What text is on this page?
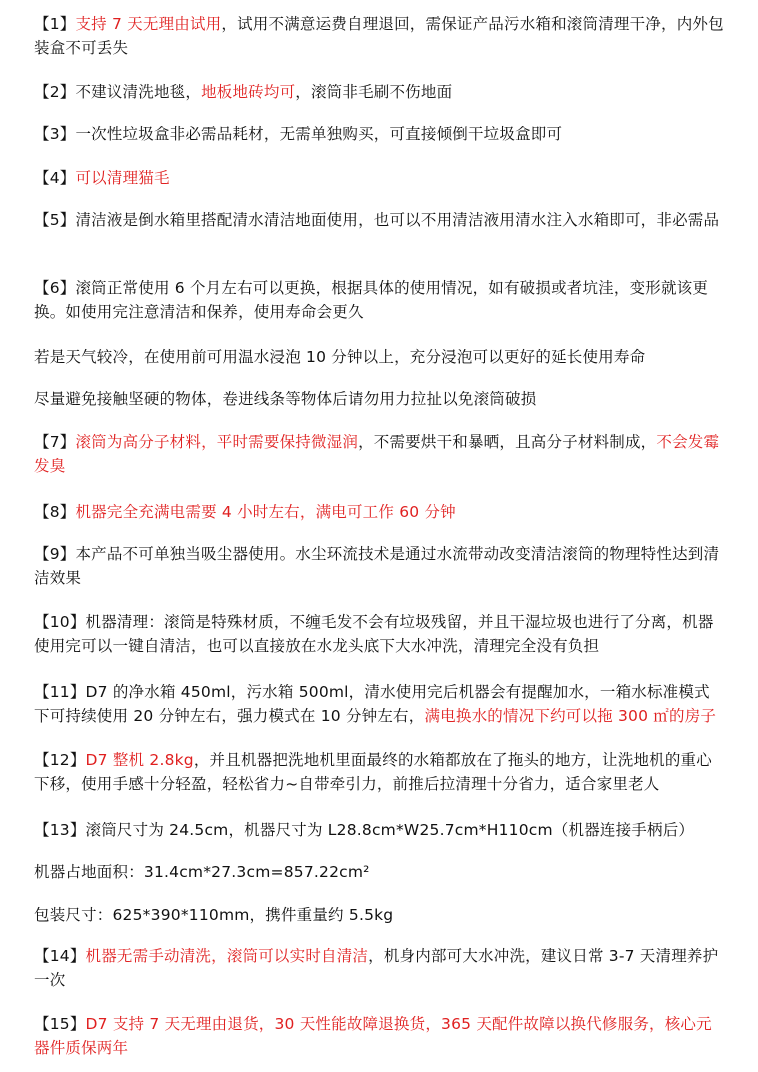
【1】支持 7 天无理由试用，试用不满意运费自理退回，需保证产品污水箱和滚筒清理干净，内外包装盒不可丢失
【2】不建议清洗地毯，地板地砖均可，滚筒非毛刷不伤地面
【3】一次性垃圾盒非必需品耗材，无需单独购买，可直接倾倒干垃圾盒即可
【4】可以清理猫毛
【5】清洁液是倒水箱里搭配清水清洁地面使用，也可以不用清洁液用清水注入水箱即可，非必需品
【6】滚筒正常使用 6 个月左右可以更换，根据具体的使用情况，如有破损或者坑洼，变形就该更换。如使用完注意清洁和保养，使用寿命会更久
若是天气较冷，在使用前可用温水浸泡 10 分钟以上，充分浸泡可以更好的延长使用寿命
尽量避免接触坚硬的物体，卷进线条等物体后请勿用力拉扯以免滚筒破损
【7】滚筒为高分子材料，平时需要保持微湿润，不需要烘干和暴晒，且高分子材料制成，不会发霉发臭
【8】机器完全充满电需要 4 小时左右，满电可工作 60 分钟
【9】本产品不可单独当吸尘器使用。水尘环流技术是通过水流带动改变清洁滚筒的物理特性达到清洁效果
【10】机器清理：滚筒是特殊材质，不缠毛发不会有垃圾残留，并且干湿垃圾也进行了分离，机器使用完可以一键自清洁，也可以直接放在水龙头底下大水冲洗，清理完全没有负担
【11】D7 的净水箱 450ml，污水箱 500ml，清水使用完后机器会有提醒加水，一箱水标准模式下可持续使用 20 分钟左右，强力模式在 10 分钟左右，满电换水的情况下约可以拖 300 ㎡的房子
【12】D7 整机 2.8kg，并且机器把洗地机里面最终的水箱都放在了拖头的地方，让洗地机的重心下移，使用手感十分轻盈，轻松省力~自带牵引力，前推后拉清理十分省力，适合家里老人
【13】滚筒尺寸为 24.5cm，机器尺寸为 L28.8cm*W25.7cm*H110cm（机器连接手柄后）
机器占地面积：31.4cm*27.3cm=857.22cm²
包装尺寸：625*390*110mm，携件重量约 5.5kg
【14】机器无需手动清洗，滚筒可以实时自清洁，机身内部可大水冲洗，建议日常 3-7 天清理养护一次
【15】D7 支持 7 天无理由退货，30 天性能故障退换货，365 天配件故障以换代修服务，核心元器件质保两年
